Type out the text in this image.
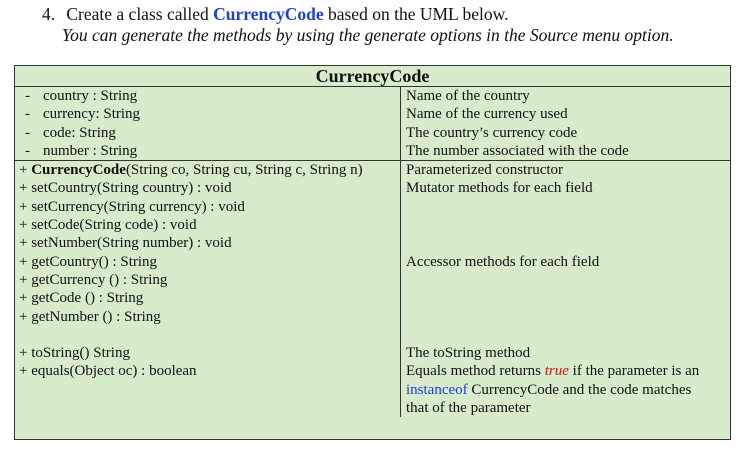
4. Create a class called CurrencyCode based on the UML below.
You can generate the methods by using the generate options in the Source menu option.
CurrencyCode
- country : String
- currency: String
- code: String
- number : String
Name of the country
Name of the currency used
The country’s currency code
The number associated with the code
+ CurrencyCode(String co, String cu, String c, String n)
+ setCountry(String country) : void
+ setCurrency(String currency) : void
+ setCode(String code) : void
+ setNumber(String number) : void
+ getCountry() : String
+ getCurrency () : String
+ getCode () : String
+ getNumber () : String
+ toString() String
+ equals(Object oc) : boolean
Parameterized constructor
Mutator methods for each field
Accessor methods for each field
The toString method
Equals method returns true if the parameter is an
instanceof CurrencyCode and the code matches
that of the parameter
